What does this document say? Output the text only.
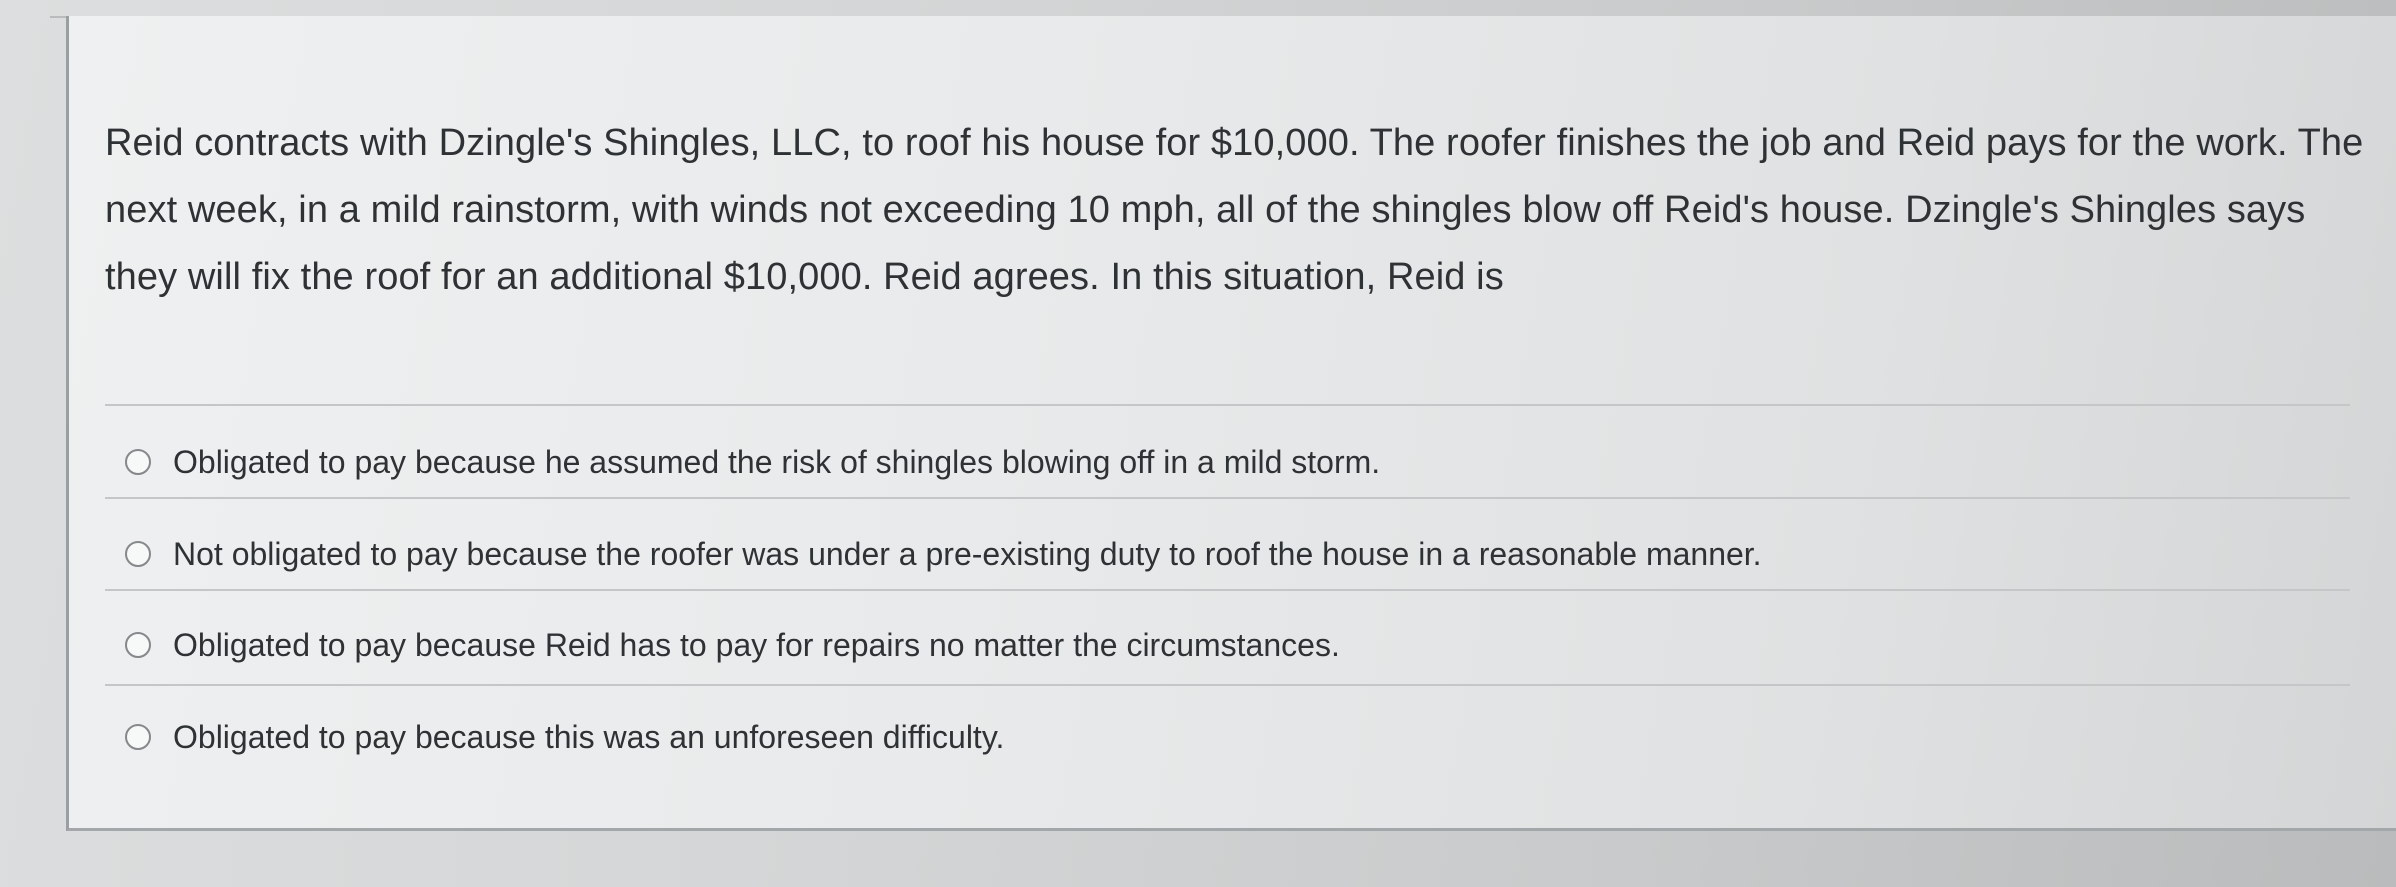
Reid contracts with Dzingle's Shingles, LLC, to roof his house for $10,000. The roofer finishes the job and Reid pays for the work. The next week, in a mild rainstorm, with winds not exceeding 10 mph, all of the shingles blow off Reid's house. Dzingle's Shingles says they will fix the roof for an additional $10,000. Reid agrees. In this situation, Reid is

Obligated to pay because he assumed the risk of shingles blowing off in a mild storm.
Not obligated to pay because the roofer was under a pre-existing duty to roof the house in a reasonable manner.
Obligated to pay because Reid has to pay for repairs no matter the circumstances.
Obligated to pay because this was an unforeseen difficulty.
